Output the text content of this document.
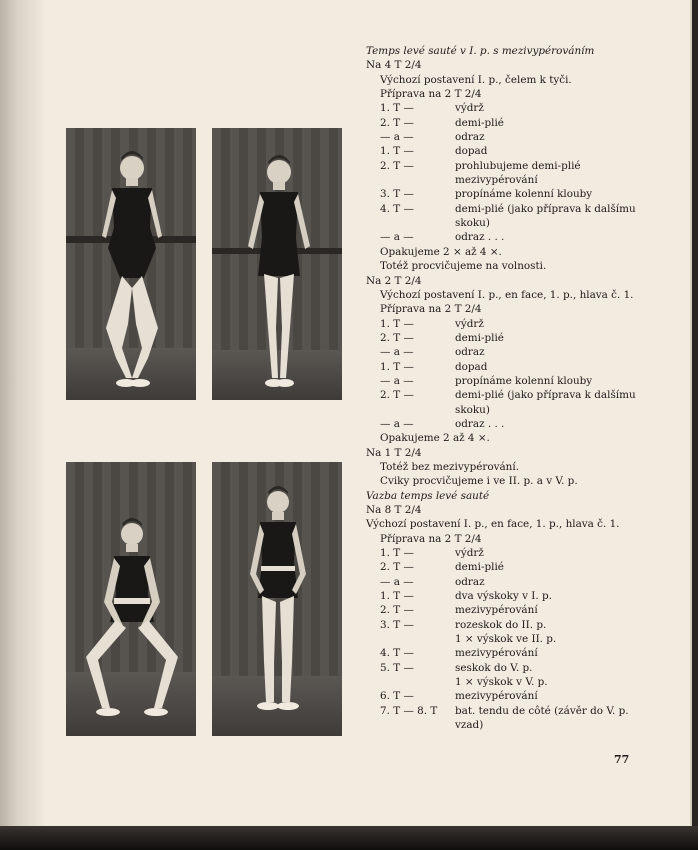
Temps levé sauté v I. p. s mezivypérováním
Na 4 T 2/4
Výchozí postavení I. p., čelem k tyči.
Příprava na 2 T 2/4
1. T —	výdrž
2. T —	demi-plié
— a —	odraz
1. T —	dopad
2. T —	prohlubujeme demi-plié
mezivypérování
3. T —	propínáme kolenní klouby
4. T —	demi-plié (jako příprava k dalšímu
skoku)
— a —	odraz . . .
Opakujeme 2 × až 4 ×.
Totéž procvičujeme na volnosti.
Na 2 T 2/4
Výchozí postavení I. p., en face, 1. p., hlava č. 1.
Příprava na 2 T 2/4
1. T —	výdrž
2. T —	demi-plié
— a —	odraz
1. T —	dopad
— a —	propínáme kolenní klouby
2. T —	demi-plié (jako příprava k dalšímu
skoku)
— a —	odraz . . .
Opakujeme 2 až 4 ×.
Na 1 T 2/4
Totéž bez mezivypérování.
Cviky procvičujeme i ve II. p. a v V. p.
Vazba temps levé sauté
Na 8 T 2/4
Výchozí postavení I. p., en face, 1. p., hlava č. 1.
Příprava na 2 T 2/4
1. T —	výdrž
2. T —	demi-plié
— a —	odraz
1. T —	dva výskoky v I. p.
2. T —	mezivypérování
3. T —	rozeskok do II. p.
1 × výskok ve II. p.
4. T —	mezivypérování
5. T —	seskok do V. p.
1 × výskok v V. p.
6. T —	mezivypérování
7. T — 8. T	bat. tendu de côté (závěr do V. p.
vzad)
77
